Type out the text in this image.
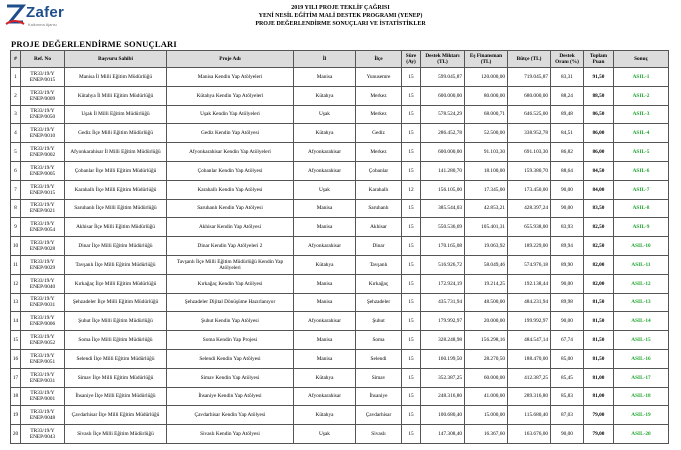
Zafer
Kalkınma Ajansı
2019 YILI PROJE TEKLİF ÇAĞRISI
YENİ NESİL EĞİTİM MALİ DESTEK PROGRAMI (YENEP)
PROJE DEĞERLENDİRME SONUÇLARI VE İSTATİSTİKLER
PROJE DEĞERLENDİRME SONUÇLARI
#	Ref. No	Başvuru Sahibi	Proje Adı	İl	İlçe	Süre (Ay)	Destek Miktarı (TL)	Eş Finansman (TL)	Bütçe (TL)	Destek Oranı (%)	Toplam Puan	Sonuç
1	TR33/19/Y ENEP/0015	Manisa İl Milli Eğitim Müdürlüğü	Manisa Kendin Yap Atölyeleri	Manisa	Yunusemre	15	599.045,87	120.000,00	719.045,87	83,31	91,50	ASIL-1
2	TR33/19/Y ENEP/0009	Kütahya İl Milli Eğitim Müdürlüğü	Kütahya Kendin Yap Atölyeleri	Kütahya	Merkez	15	600.000,00	80.000,00	680.000,00	88,24	88,50	ASIL-2
3	TR33/19/Y ENEP/0050	Uşak İl Milli Eğitim Müdürlüğü	Uşak Kendin Yap Atölyeleri	Uşak	Merkez	15	578.524,29	68.000,71	646.525,00	89,48	86,50	ASIL-3
4	TR33/19/Y ENEP/0010	Gediz İlçe Milli Eğitim Müdürlüğü	Gediz Kendin Yap Atölyesi	Kütahya	Gediz	15	286.452,78	52.500,00	338.952,78	84,51	86,00	ASIL-4
5	TR33/19/Y ENEP/0002	Afyonkarahisar İl Milli Eğitim Müdürlüğü	Afyonkarahisar Kendin Yap Atölyeleri	Afyonkarahisar	Merkez	15	600.000,00	91.103,30	691.103,30	86,82	86,00	ASIL-5
6	TR33/19/Y ENEP/0005	Çobanlar İlçe Milli Eğitim Müdürlüğü	Çobanlar Kendin Yap Atölyesi	Afyonkarahisar	Çobanlar	15	141.280,70	18.100,00	159.380,70	88,64	84,50	ASIL-6
7	TR33/19/Y ENEP/0015	Karahallı İlçe Milli Eğitim Müdürlüğü	Karahallı Kendin Yap Atölyesi	Uşak	Karahallı	12	156.105,00	17.345,00	173.450,00	90,00	84,00	ASIL-7
8	TR33/19/Y ENEP/0021	Saruhanlı İlçe Milli Eğitim Müdürlüğü	Saruhanlı Kendin Yap Atölyesi	Manisa	Saruhanlı	15	385.544,03	42.853,21	428.397,24	90,00	83,50	ASIL-8
9	TR33/19/Y ENEP/0054	Akhisar İlçe Milli Eğitim Müdürlüğü	Akhisar Kendin Yap Atölyesi	Manisa	Akhisar	15	550.536,69	105.401,31	655.938,00	83,93	82,50	ASIL-9
10	TR33/19/Y ENEP/0028	Dinar İlçe Milli Eğitim Müdürlüğü	Dinar Kendin Yap Atölyeleri 2	Afyonkarahisar	Dinar	15	170.165,08	19.063,92	189.229,00	89,94	82,50	ASIL-10
11	TR33/19/Y ENEP/0029	Tavşanlı İlçe Milli Eğitim Müdürlüğü	Tavşanlı İlçe Milli Eğitim Müdürlüğü Kendin Yap Atölyeleri	Kütahya	Tavşanlı	15	516.926,72	58.049,46	574.976,18	89,90	82,00	ASIL-11
12	TR33/19/Y ENEP/0040	Kırkağaç İlçe Milli Eğitim Müdürlüğü	Kırkağaç Kendin Yap Atölyesi	Manisa	Kırkağaç	15	172.924,19	19.214,25	192.138,44	90,00	82,00	ASIL-12
13	TR33/19/Y ENEP/0031	Şehzadeler İlçe Milli Eğitim Müdürlüğü	Şehzadeler Dijital Dönüşüme Hazırlanıyor	Manisa	Şehzadeler	15	435.731,94	48.500,00	484.231,94	89,98	81,50	ASIL-13
14	TR33/19/Y ENEP/0006	Şuhut İlçe Milli Eğitim Müdürlüğü	Şuhut Kendin Yap Atölyesi	Afyonkarahisar	Şuhut	15	179.992,97	20.000,00	199.992,97	90,00	81,50	ASIL-14
15	TR33/19/Y ENEP/0052	Soma İlçe Milli Eğitim Müdürlüğü	Soma Kendin Yap Projesi	Manisa	Soma	15	328.248,98	156.298,16	484.547,14	67,74	81,50	ASIL-15
16	TR33/19/Y ENEP/0051	Selendi İlçe Milli Eğitim Müdürlüğü	Selendi Kendin Yap Atölyesi	Manisa	Selendi	15	160.199,50	28.270,50	188.470,00	85,00	81,50	ASIL-16
17	TR33/19/Y ENEP/0031	Simav İlçe Milli Eğitim Müdürlüğü	Simav Kendin Yap Atölyesi	Kütahya	Simav	15	352.387,25	60.000,00	412.387,25	85,45	81,00	ASIL-17
18	TR33/19/Y ENEP/0001	İhsaniye İlçe Milli Eğitim Müdürlüğü	İhsaniye Kendin Yap Atölyesi	Afyonkarahisar	İhsaniye	15	248.316,80	41.000,00	289.316,80	85,83	81,00	ASIL-18
19	TR33/19/Y ENEP/0048	Çavdarhisar İlçe Milli Eğitim Müdürlüğü	Çavdarhisar Kendin Yap Atölyesi	Kütahya	Çavdarhisar	15	100.680,40	15.000,00	115.680,40	87,03	79,00	ASIL-19
20	TR33/19/Y ENEP/0043	Sivaslı İlçe Milli Eğitim Müdürlüğü	Sivaslı Kendin Yap Atölyesi	Uşak	Sivaslı	15	147.308,40	16.367,60	163.676,00	90,00	79,00	ASIL-20
